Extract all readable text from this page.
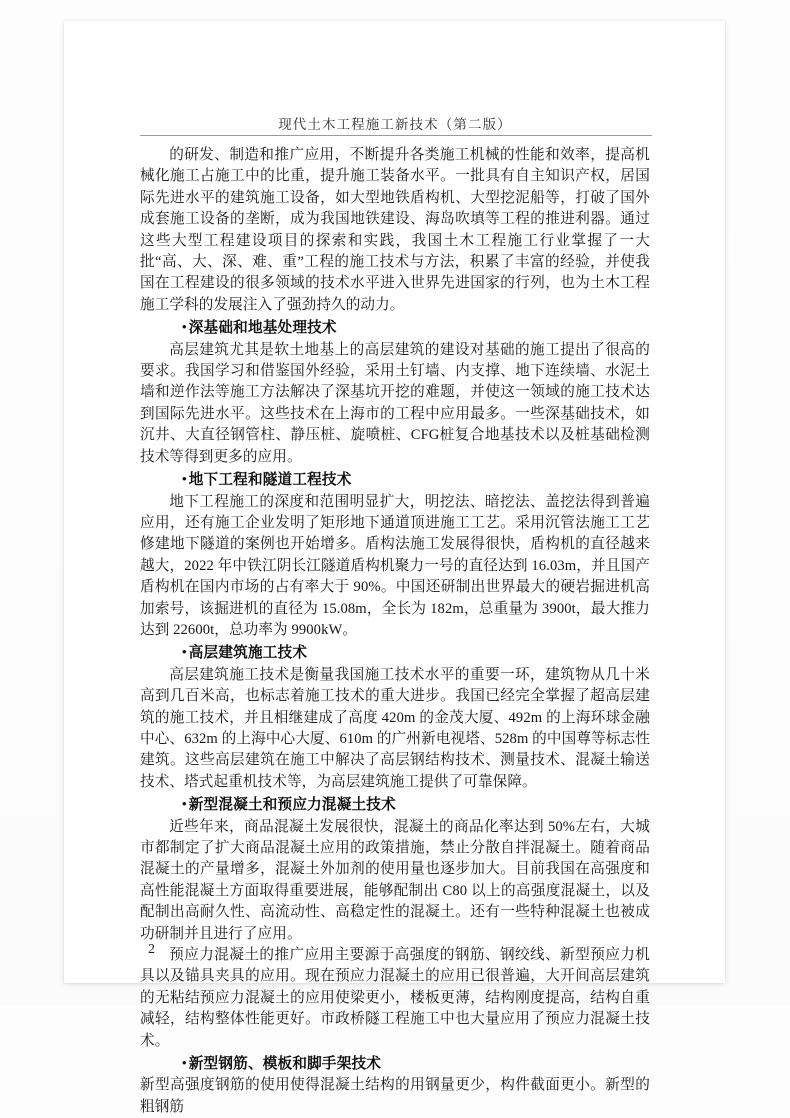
现代土木工程施工新技术（第二版）

的研发、制造和推广应用，不断提升各类施工机械的性能和效率，提高机械化施工占施工中的比重，提升施工装备水平。一批具有自主知识产权，居国际先进水平的建筑施工设备，如大型地铁盾构机、大型挖泥船等，打破了国外成套施工设备的垄断，成为我国地铁建设、海岛吹填等工程的推进利器。通过这些大型工程建设项目的探索和实践，我国土木工程施工行业掌握了一大批“高、大、深、难、重”工程的施工技术与方法，积累了丰富的经验，并使我国在工程建设的很多领域的技术水平进入世界先进国家的行列，也为土木工程施工学科的发展注入了强劲持久的动力。

• 深基础和地基处理技术

高层建筑尤其是软土地基上的高层建筑的建设对基础的施工提出了很高的要求。我国学习和借鉴国外经验，采用土钉墙、内支撑、地下连续墙、水泥土墙和逆作法等施工方法解决了深基坑开挖的难题，并使这一领域的施工技术达到国际先进水平。这些技术在上海市的工程中应用最多。一些深基础技术，如沉井、大直径钢管柱、静压桩、旋喷桩、CFG桩复合地基技术以及桩基础检测技术等得到更多的应用。

• 地下工程和隧道工程技术

地下工程施工的深度和范围明显扩大，明挖法、暗挖法、盖挖法得到普遍应用，还有施工企业发明了矩形地下通道顶进施工工艺。采用沉管法施工工艺修建地下隧道的案例也开始增多。盾构法施工发展得很快，盾构机的直径越来越大，2022 年中铁江阴长江隧道盾构机聚力一号的直径达到 16.03m，并且国产盾构机在国内市场的占有率大于 90%。中国还研制出世界最大的硬岩掘进机高加索号，该掘进机的直径为 15.08m，全长为 182m，总重量为 3900t，最大推力达到 22600t，总功率为 9900kW。

• 高层建筑施工技术

高层建筑施工技术是衡量我国施工技术水平的重要一环，建筑物从几十米高到几百米高，也标志着施工技术的重大进步。我国已经完全掌握了超高层建筑的施工技术，并且相继建成了高度 420m 的金茂大厦、492m 的上海环球金融中心、632m 的上海中心大厦、610m 的广州新电视塔、528m 的中国尊等标志性建筑。这些高层建筑在施工中解决了高层钢结构技术、测量技术、混凝土输送技术、塔式起重机技术等，为高层建筑施工提供了可靠保障。

• 新型混凝土和预应力混凝土技术

近些年来，商品混凝土发展很快，混凝土的商品化率达到 50%左右，大城市都制定了扩大商品混凝土应用的政策措施，禁止分散自拌混凝土。随着商品混凝土的产量增多，混凝土外加剂的使用量也逐步加大。目前我国在高强度和高性能混凝土方面取得重要进展，能够配制出 C80 以上的高强度混凝土，以及配制出高耐久性、高流动性、高稳定性的混凝土。还有一些特种混凝土也被成功研制并且进行了应用。

预应力混凝土的推广应用主要源于高强度的钢筋、钢绞线、新型预应力机具以及锚具夹具的应用。现在预应力混凝土的应用已很普遍，大开间高层建筑的无粘结预应力混凝土的应用使梁更小，楼板更薄，结构刚度提高，结构自重减轻，结构整体性能更好。市政桥隧工程施工中也大量应用了预应力混凝土技术。

• 新型钢筋、模板和脚手架技术

新型高强度钢筋的使用使得混凝土结构的用钢量更少，构件截面更小。新型的粗钢筋

2
